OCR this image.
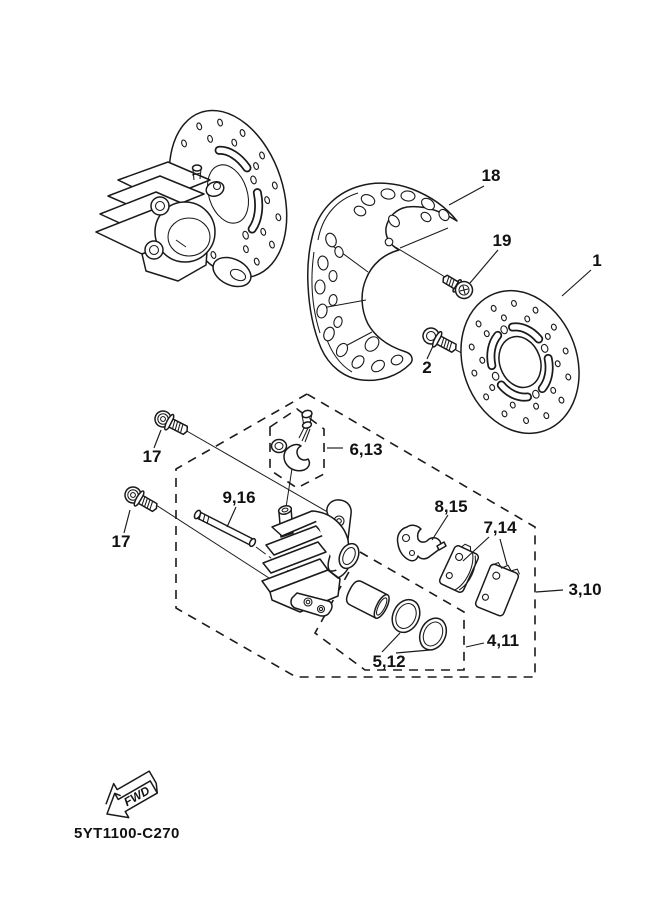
18
19
1
2
17
17
6,13
9,16	8,15
7,14
3,10
4,11
5,12
FWD
5YT1100-C270
